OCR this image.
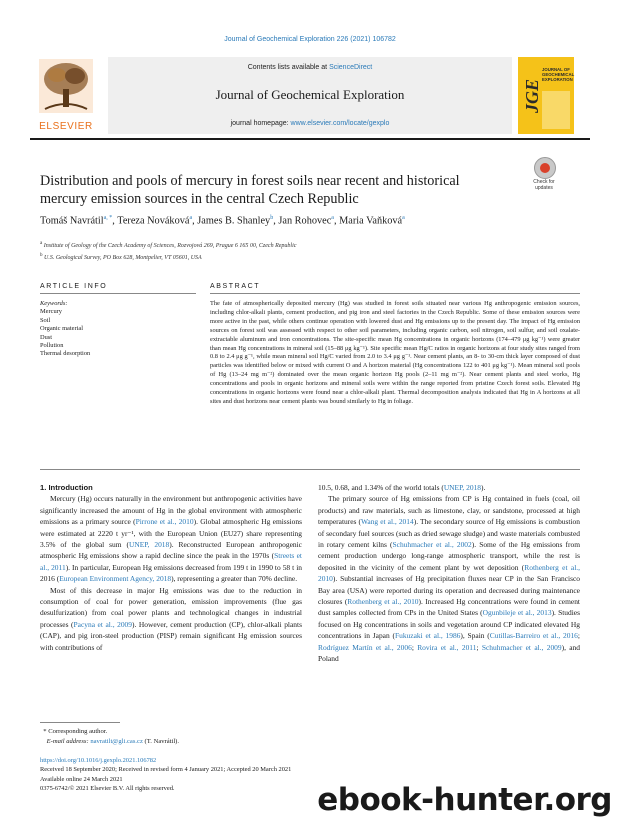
Journal of Geochemical Exploration 226 (2021) 106782
ELSEVIER
Contents lists available at ScienceDirect
Journal of Geochemical Exploration
journal homepage: www.elsevier.com/locate/gexplo
JGE
JOURNAL OF GEOCHEMICAL EXPLORATION
Distribution and pools of mercury in forest soils near recent and historical mercury emission sources in the central Czech Republic
Check for
updates
Tomáš Navrátil$^{a, *}$, Tereza Nováková$^a$, James B. Shanley$^b$, Jan Rohovec$^a$, Maria Vaňková$^a$
$^a$ Institute of Geology of the Czech Academy of Sciences, Rozvojová 269, Prague 6 165 00, Czech Republic
$^b$ U.S. Geological Survey, PO Box 628, Montpelier, VT 05601, USA
ARTICLE INFO	ABSTRACT
Keywords:
Mercury
Soil
Organic material
Dust
Pollution
Thermal desorption
The fate of atmospherically deposited mercury (Hg) was studied in forest soils situated near various Hg anthropogenic emission sources, including chlor-alkali plants, cement production, and pig iron and steel factories in the Czech Republic. Some of these emission sources were more active in the past, while others continue operation with lowered dust and Hg emissions up to the present day. The impact of Hg emission sources on forest soil was assessed with respect to other soil parameters, including organic carbon, soil nitrogen, soil sulfur, and soil oxalate-extractable aluminum and iron concentrations. The site-specific mean Hg concentrations in organic horizons (174–479 μg kg⁻¹) were greater than mean Hg concentrations in mineral soil (15–88 μg kg⁻¹). Site specific mean Hg/C ratios in organic horizons at four study sites ranged from 0.8 to 2.4 μg g⁻¹, while mean mineral soil Hg/C varied from 2.0 to 3.4 μg g⁻¹. Near cement plants, an 8- to 30-cm thick layer composed of dust particles was identified below or mixed with current O and A horizon material (Hg concentrations 122 to 401 μg kg⁻¹). Mean mineral soil pools of Hg (13–24 mg m⁻²) dominated over the mean organic horizon Hg pools (2–11 mg m⁻²). Near cement plants and steel works, Hg concentrations and pools in organic horizons and mineral soils were within the range reported from pristine Czech forest soils. Elevated Hg concentrations in organic horizons were found near a chlor-alkali plant. Thermal decomposition analysis indicated that Hg in A horizons at all sites and dust horizons near cement plants was bound similarly to Hg in foliage.

1. Introduction

Mercury (Hg) occurs naturally in the environment but anthropogenic activities have significantly increased the amount of Hg in the global environment with atmospheric emissions as a primary source (Pirrone et al., 2010). Global atmospheric Hg emissions were estimated at 2220 t yr⁻¹, with the European Union (EU27) share representing 3.5% of the global sum (UNEP, 2018). Reconstructed European anthropogenic atmospheric Hg emissions show a rapid decline since the peak in the 1970s (Streets et al., 2011). In particular, European Hg emissions decreased from 199 t in 1990 to 58 t in 2016 (European Environment Agency, 2018), representing a greater than 70% decline.

Most of this decrease in major Hg emissions was due to the reduction in consumption of coal for power generation, emission improvements (flue gas desulfurization) from coal power plants and technological changes in industrial processes (Pacyna et al., 2009). However, cement production (CP), chlor-alkali plants (CAP), and pig iron-steel production (PISP) remain significant Hg emission sources with contributions of

10.5, 0.68, and 1.34% of the world totals (UNEP, 2018).

The primary source of Hg emissions from CP is Hg contained in fuels (coal, oil products) and raw materials, such as limestone, clay, or sandstone, processed at high temperatures (Wang et al., 2014). The secondary source of Hg emissions is combustion of secondary fuel sources (such as dried sewage sludge) and waste materials combusted in rotary cement kilns (Schuhmacher et al., 2002). Some of the Hg emissions from cement production undergo long-range atmospheric transport, while the rest is deposited in the vicinity of the cement plant by wet deposition (Rothenberg et al., 2010). Substantial increases of Hg precipitation fluxes near CP in the San Francisco Bay area (USA) were reported during its operation and decreased during maintenance closures (Rothenberg et al., 2010). Increased Hg concentrations were found in cement dust samples collected from CPs in the United States (Ogunbileje et al., 2013). Studies focused on Hg concentrations in soils and vegetation around CP indicated elevated Hg concentrations in Japan (Fukuzaki et al., 1986), Spain (Cutillas-Barreiro et al., 2016; Rodríguez Martín et al., 2006; Rovira et al., 2011; Schuhmacher et al., 2009), and Poland

* Corresponding author.
E-mail address: navratilt@gli.cas.cz (T. Navrátil).
https://doi.org/10.1016/j.gexplo.2021.106782
Received 18 September 2020; Received in revised form 4 January 2021; Accepted 20 March 2021
Available online 24 March 2021
0375-6742/© 2021 Elsevier B.V. All rights reserved.	ebook-hunter.org
